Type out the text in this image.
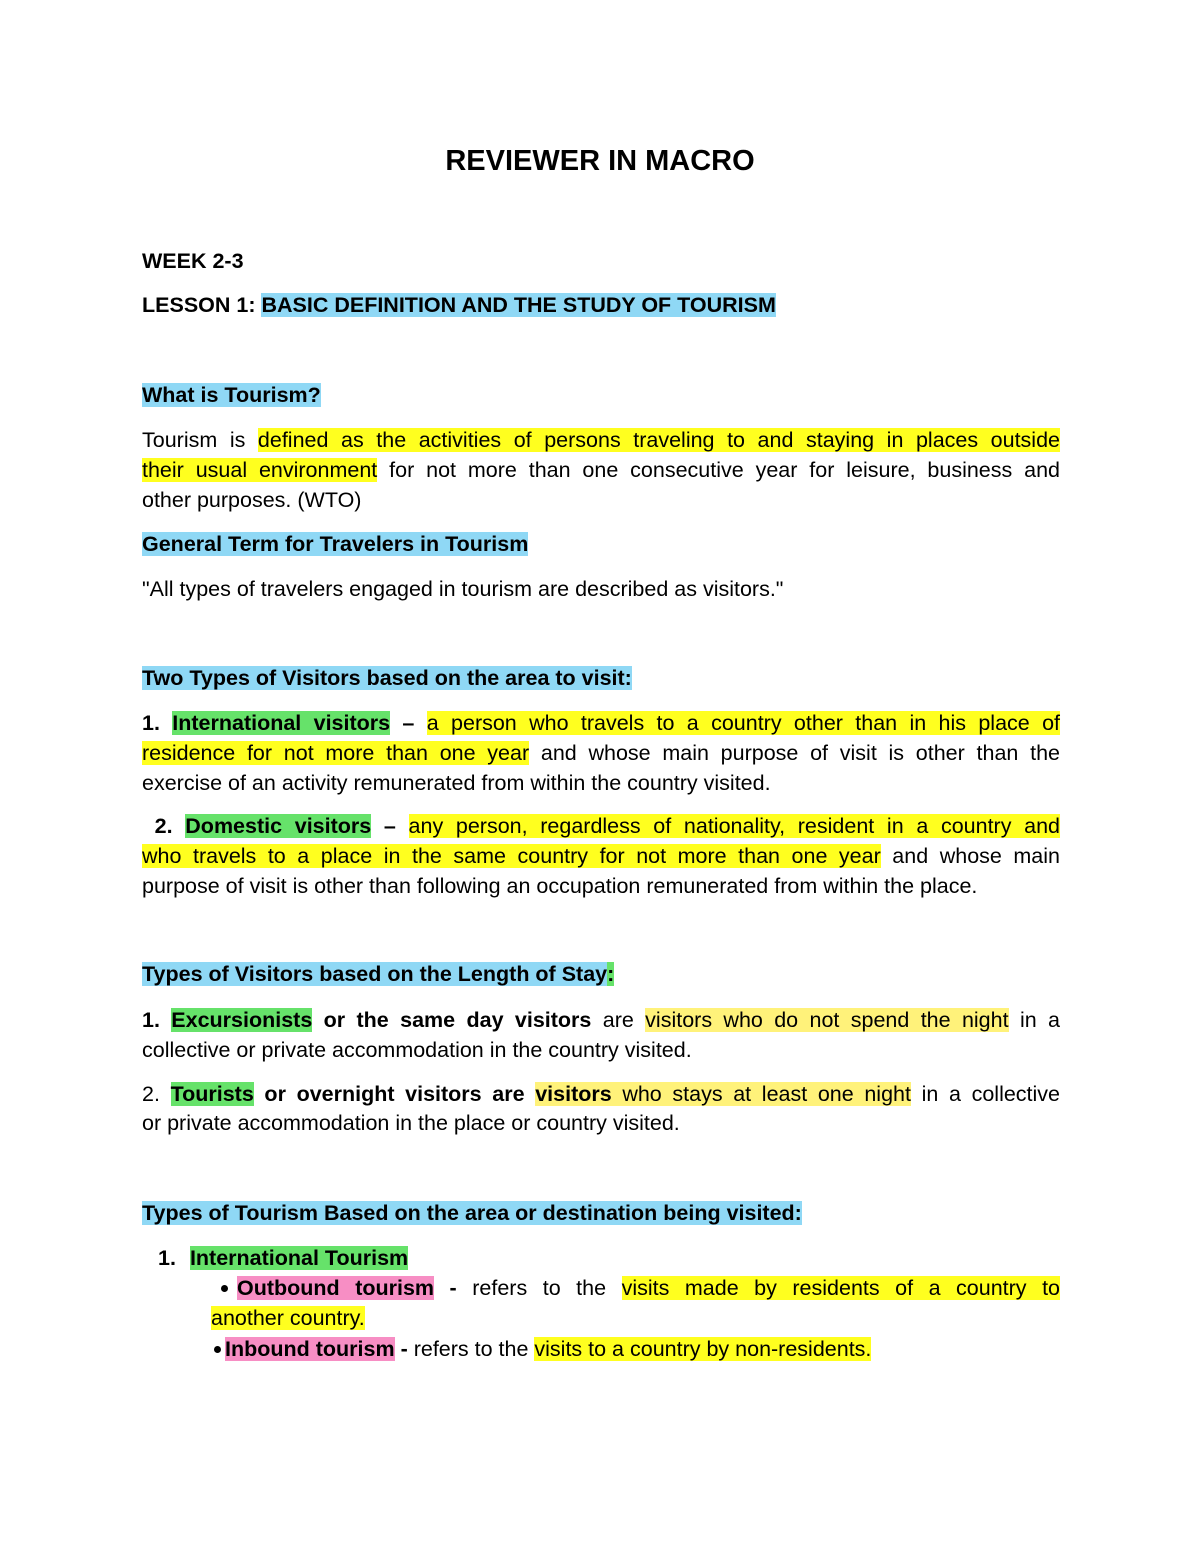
REVIEWER IN MACRO
WEEK 2-3
LESSON 1: BASIC DEFINITION AND THE STUDY OF TOURISM
What is Tourism?
Tourism is defined as the activities of persons traveling to and staying in places outside
their usual environment for not more than one consecutive year for leisure, business and
other purposes. (WTO)
General Term for Travelers in Tourism
"All types of travelers engaged in tourism are described as visitors."
Two Types of Visitors based on the area to visit:
1. International visitors – a person who travels to a country other than in his place of
residence for not more than one year and whose main purpose of visit is other than the
exercise of an activity remunerated from within the country visited.
2. Domestic visitors – any person, regardless of nationality, resident in a country and
who travels to a place in the same country for not more than one year and whose main
purpose of visit is other than following an occupation remunerated from within the place.
Types of Visitors based on the Length of Stay:
1. Excursionists or the same day visitors are visitors who do not spend the night in a
collective or private accommodation in the country visited.
2. Tourists or overnight visitors are visitors who stays at least one night in a collective
or private accommodation in the place or country visited.
Types of Tourism Based on the area or destination being visited:
1. International Tourism
Outbound tourism - refers to the visits made by residents of a country to
another country.
Inbound tourism - refers to the visits to a country by non-residents.
